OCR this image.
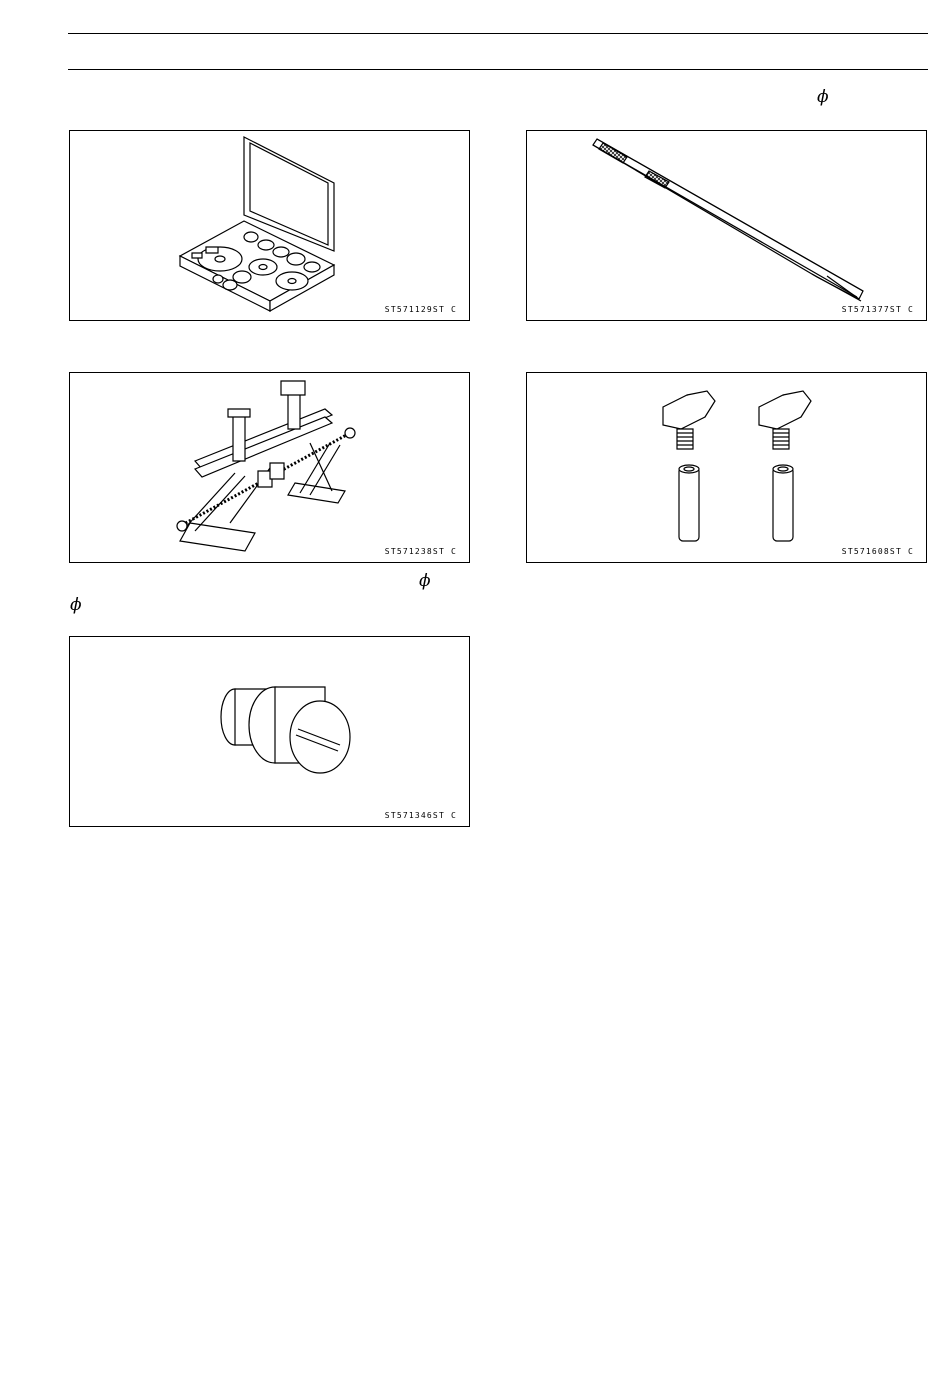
ϕ
ϕ
ϕ
ST571129ST C	ST571377ST C
ST571238ST C	ST571608ST C
ST571346ST C
